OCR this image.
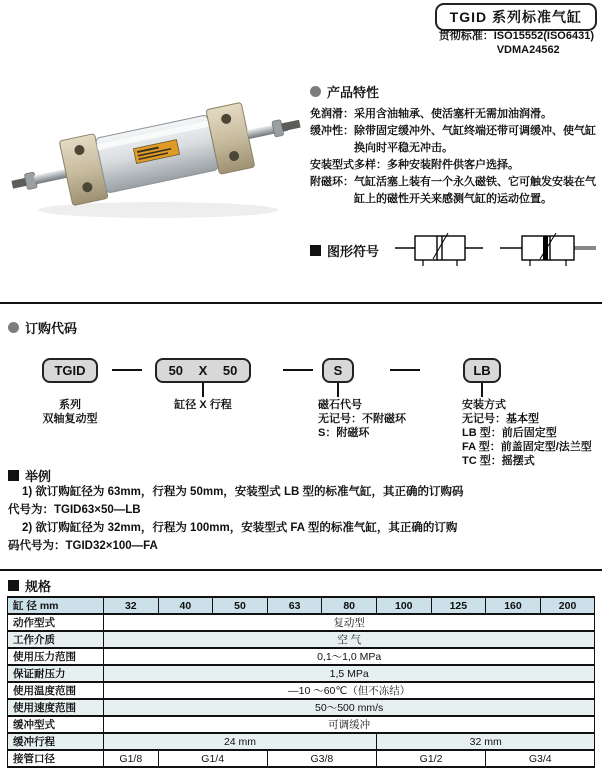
TGID 系列标准气缸
贯彻标准：ISO15552(ISO6431)
VDMA24562
产品特性
免润滑：采用含油轴承、使活塞杆无需加油润滑。
缓冲性：除带固定缓冲外、气缸终端还带可调缓冲、使气缸
换向时平稳无冲击。
安装型式多样：多种安装附件供客户选择。
附磁环：气缸活塞上装有一个永久磁铁、它可触发安装在气
缸上的磁性开关来感测气缸的运动位置。
图形符号
订购代码
TGID	50 X 50	S	LB
系列
双轴复动型
缸径 X 行程	磁石代号
无记号：不附磁环
S：附磁环
安装方式
无记号：基本型
LB 型：前后固定型
FA 型：前盖固定型/法兰型
TC 型：摇摆式
举例
1) 欲订购缸径为 63mm，行程为 50mm，安装型式 LB 型的标准气缸，其正确的订购码
代号为：TGID63×50—LB
2) 欲订购缸径为 32mm，行程为 100mm，安装型式 FA 型的标准气缸，其正确的订购
码代号为：TGID32×100—FA
规格
缸 径 mm	32	40	50	63	80	100	125	160	200
动作型式	复动型								
工作介质	空 气								
使用压力范围	0,1～1,0 MPa								
保证耐压力	1,5 MPa								
使用温度范围	—10 ～60℃（但不冻结）								
使用速度范围	50～500 mm/s								
缓冲型式	可调缓冲								
缓冲行程	24 mm					32 mm			
接管口径	G1/8	G1/4		G3/8		G1/2		G3/4	
